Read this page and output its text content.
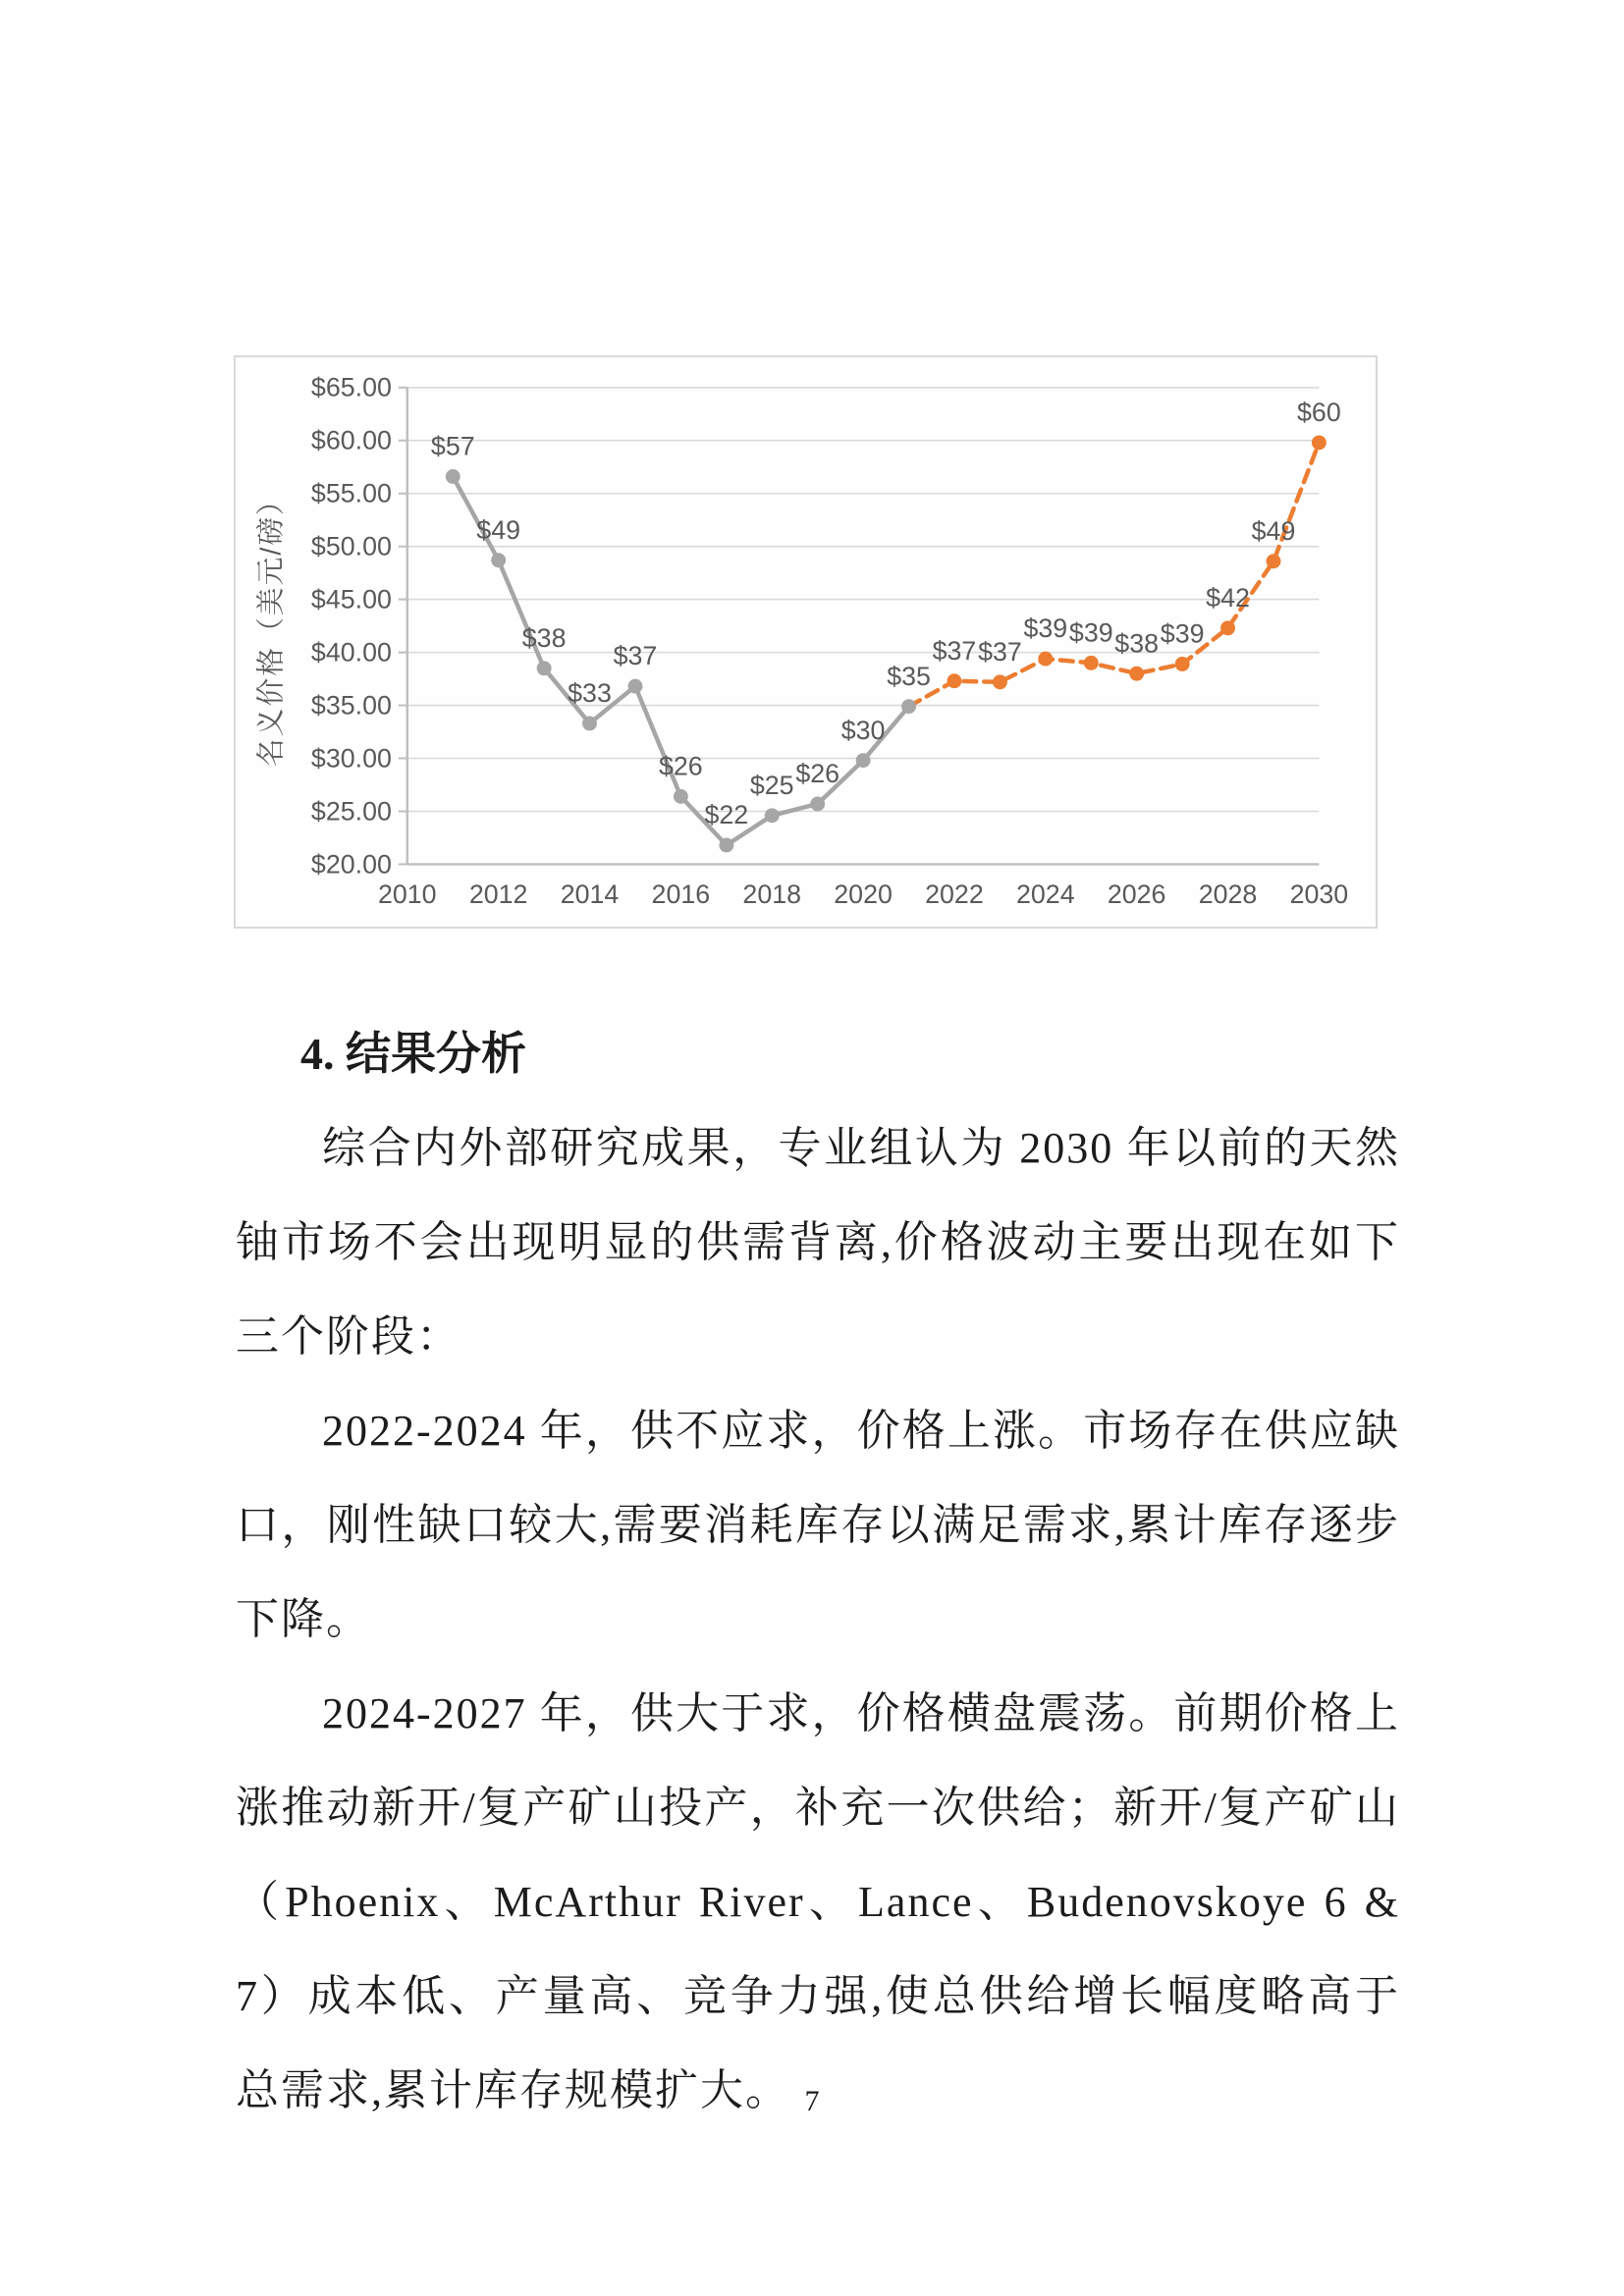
$20.00
$25.00
$30.00
$35.00
$40.00
$45.00
$50.00
$55.00
$60.00
$65.00
2010 2012 2014 2016 2018 2020 2022 2024 2026 2028 2030
名义价格（美元/磅）
$57
$49
$38
$33
$37
$26
$22
$25 $26
$30
$35
$37 $37
$39 $39 $38 $39
$42
$49
$60
4. 结果分析

综合内外部研究成果，专业组认为 2030 年以前的天然铀市场不会出现明显的供需背离,价格波动主要出现在如下三个阶段：

2022-2024 年，供不应求，价格上涨。市场存在供应缺口，刚性缺口较大,需要消耗库存以满足需求,累计库存逐步下降。

2024-2027 年，供大于求，价格横盘震荡。前期价格上涨推动新开/复产矿山投产，补充一次供给；新开/复产矿山（Phoenix、McArthur River、Lance、Budenovskoye 6 & 7）成本低、产量高、竞争力强,使总供给增长幅度略高于总需求,累计库存规模扩大。 7
